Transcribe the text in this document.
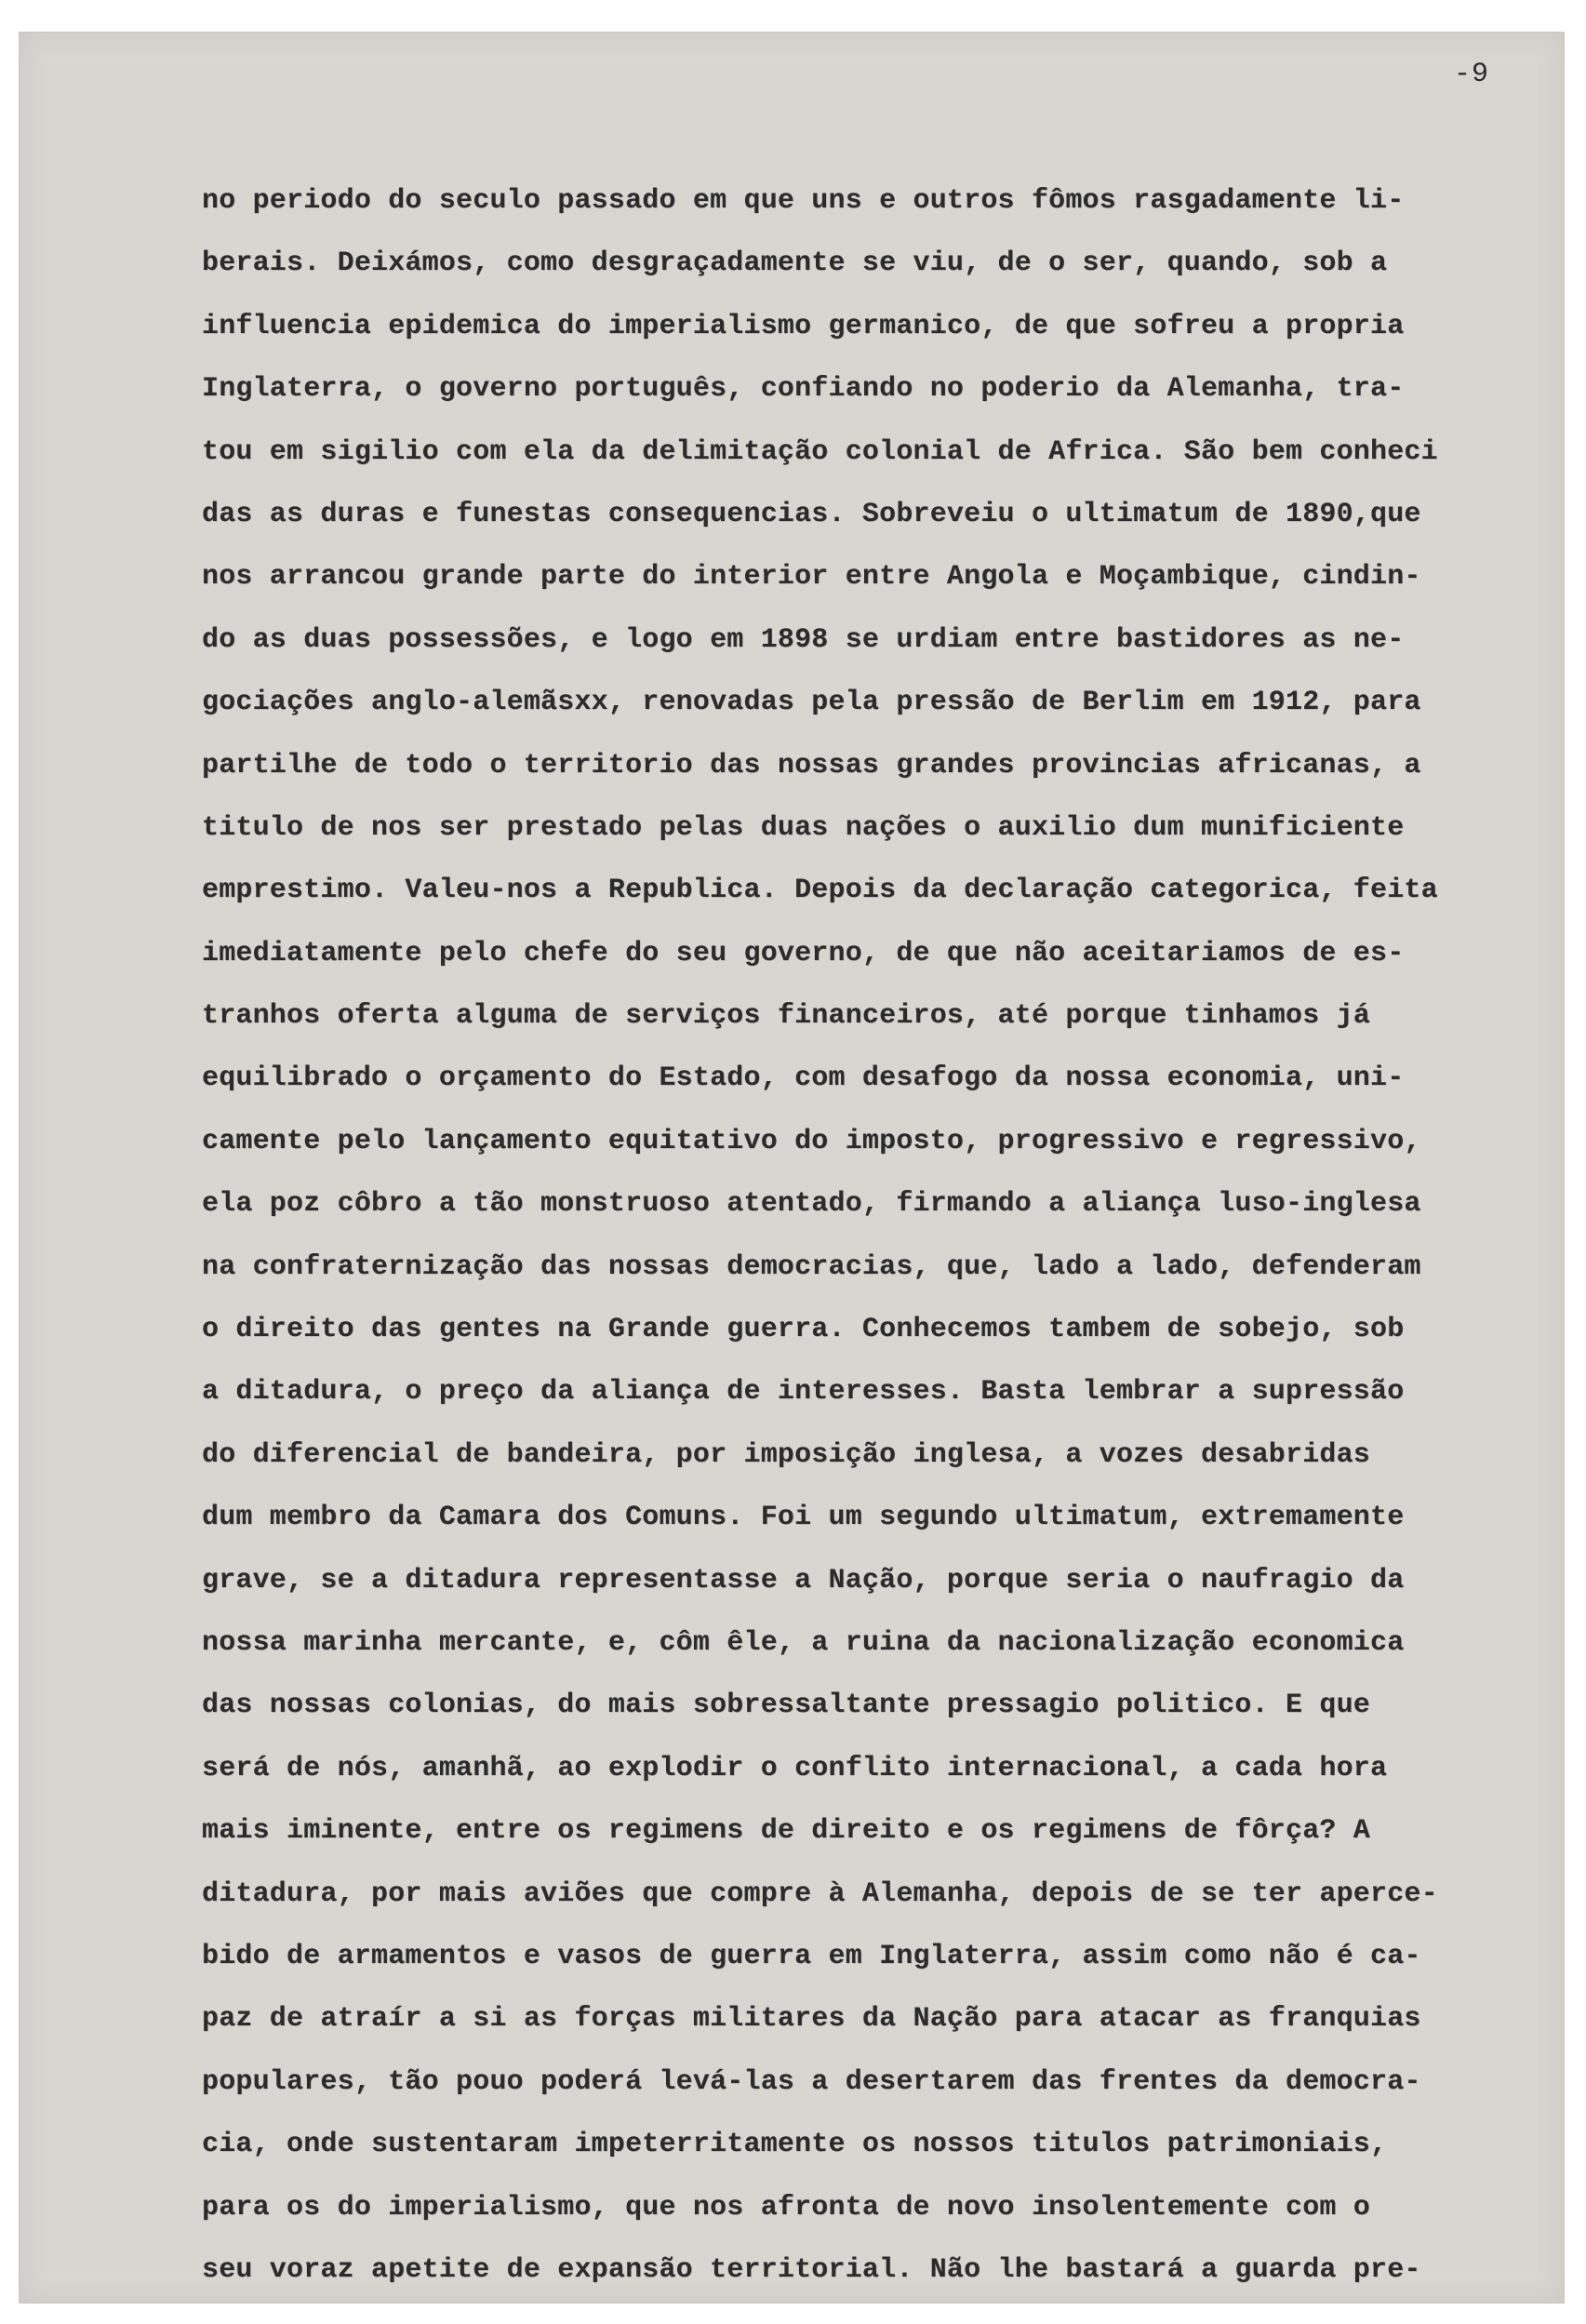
-9
no periodo do seculo passado em que uns e outros fômos rasgadamente li-
berais. Deixámos, como desgraçadamente se viu, de o ser, quando, sob a
influencia epidemica do imperialismo germanico, de que sofreu a propria
Inglaterra, o governo português, confiando no poderio da Alemanha, tra-
tou em sigilio com ela da delimitação colonial de Africa. São bem conheci
das as duras e funestas consequencias. Sobreveiu o ultimatum de 1890,que
nos arrancou grande parte do interior entre Angola e Moçambique, cindin-
do as duas possessões, e logo em 1898 se urdiam entre bastidores as ne-
gociações anglo-alemãsxx, renovadas pela pressão de Berlim em 1912, para
partilhe de todo o territorio das nossas grandes provincias africanas, a
titulo de nos ser prestado pelas duas nações o auxilio dum munificiente
emprestimo. Valeu-nos a Republica. Depois da declaração categorica, feita
imediatamente pelo chefe do seu governo, de que não aceitariamos de es-
tranhos oferta alguma de serviços financeiros, até porque tinhamos já
equilibrado o orçamento do Estado, com desafogo da nossa economia, uni-
camente pelo lançamento equitativo do imposto, progressivo e regressivo,
ela poz côbro a tão monstruoso atentado, firmando a aliança luso-inglesa
na confraternização das nossas democracias, que, lado a lado, defenderam
o direito das gentes na Grande guerra. Conhecemos tambem de sobejo, sob
a ditadura, o preço da aliança de interesses. Basta lembrar a supressão
do diferencial de bandeira, por imposição inglesa, a vozes desabridas
dum membro da Camara dos Comuns. Foi um segundo ultimatum, extremamente
grave, se a ditadura representasse a Nação, porque seria o naufragio da
nossa marinha mercante, e, côm êle, a ruina da nacionalização economica
das nossas colonias, do mais sobressaltante pressagio politico. E que
será de nós, amanhã, ao explodir o conflito internacional, a cada hora
mais iminente, entre os regimens de direito e os regimens de fôrça? A
ditadura, por mais aviões que compre à Alemanha, depois de se ter aperce-
bido de armamentos e vasos de guerra em Inglaterra, assim como não é ca-
paz de atraír a si as forças militares da Nação para atacar as franquias
populares, tão pouo poderá levá-las a desertarem das frentes da democra-
cia, onde sustentaram impeterritamente os nossos titulos patrimoniais,
para os do imperialismo, que nos afronta de novo insolentemente com o
seu voraz apetite de expansão territorial. Não lhe bastará a guarda pre-
